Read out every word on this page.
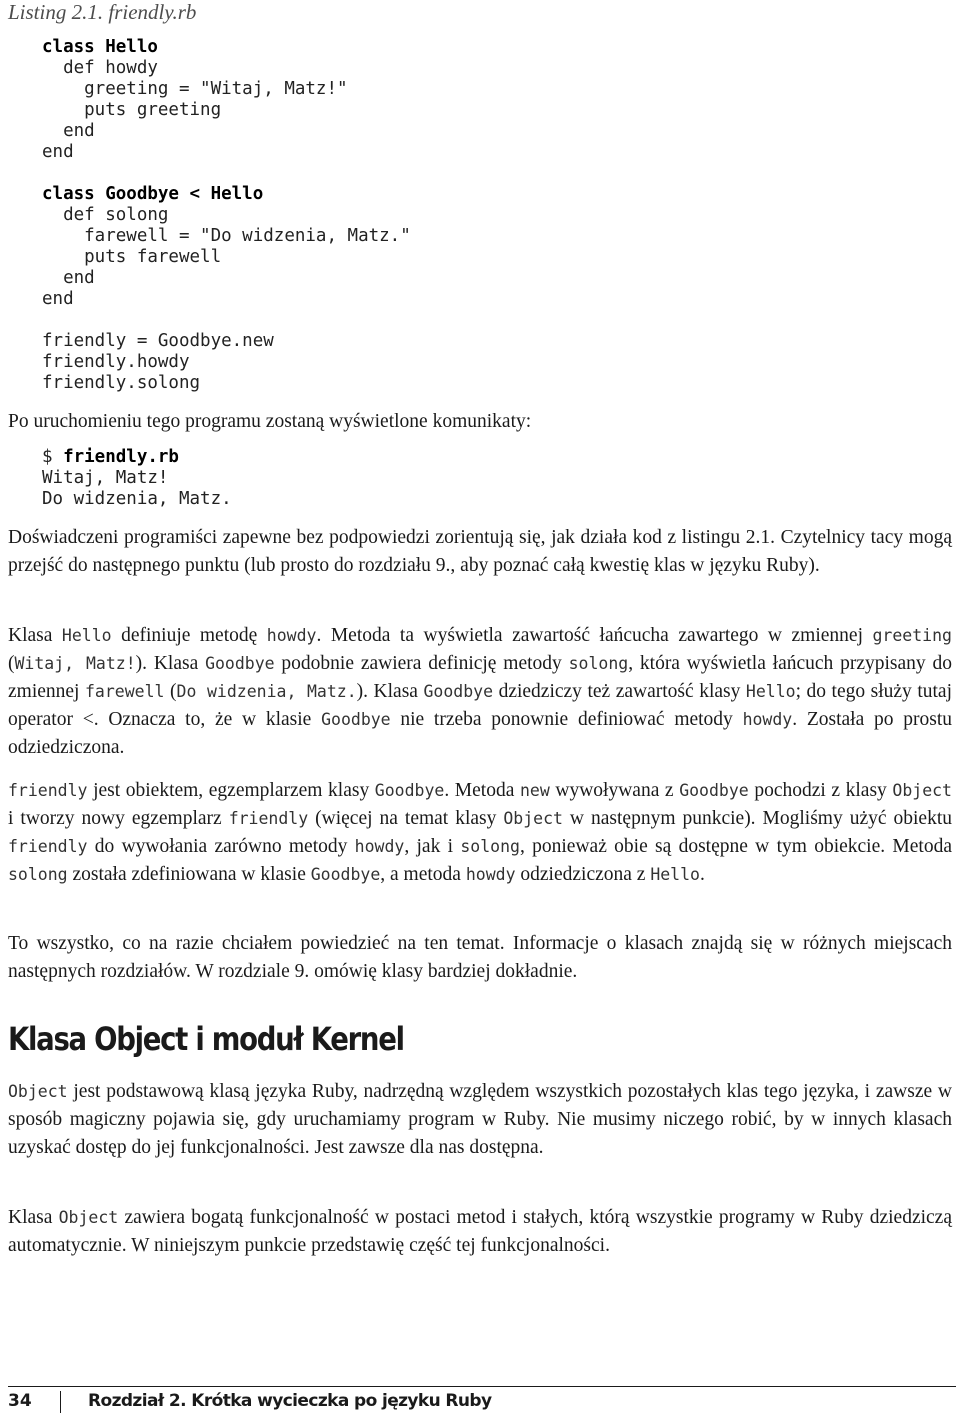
Listing 2.1. friendly.rb
class Hello
def howdy
greeting = "Witaj, Matz!"
puts greeting
end
end
class Goodbye < Hello
def solong
farewell = "Do widzenia, Matz."
puts farewell
end
end
friendly = Goodbye.new
friendly.howdy
friendly.solong

Po uruchomieniu tego programu zostaną wyświetlone komunikaty:

$ friendly.rb
Witaj, Matz!
Do widzenia, Matz.

Doświadczeni programiści zapewne bez podpowiedzi zorientują się, jak działa kod z listingu 2.1. Czytelnicy tacy mogą przejść do następnego punktu (lub prosto do rozdziału 9., aby poznać całą kwestię klas w języku Ruby).

Klasa Hello definiuje metodę howdy. Metoda ta wyświetla zawartość łańcucha zawartego w zmiennej greeting (Witaj, Matz!). Klasa Goodbye podobnie zawiera definicję metody solong, która wyświetla łańcuch przypisany do zmiennej farewell (Do widzenia, Matz.). Klasa Goodbye dziedziczy też zawartość klasy Hello; do tego służy tutaj operator <. Oznacza to, że w klasie Goodbye nie trzeba ponownie definiować metody howdy. Została po prostu odziedziczona.

friendly jest obiektem, egzemplarzem klasy Goodbye. Metoda new wywoływana z Goodbye pochodzi z klasy Object i tworzy nowy egzemplarz friendly (więcej na temat klasy Object w następnym punkcie). Mogliśmy użyć obiektu friendly do wywołania zarówno metody howdy, jak i solong, ponieważ obie są dostępne w tym obiekcie. Metoda solong została zdefiniowana w klasie Goodbye, a metoda howdy odziedziczona z Hello.

To wszystko, co na razie chciałem powiedzieć na ten temat. Informacje o klasach znajdą się w różnych miejscach następnych rozdziałów. W rozdziale 9. omówię klasy bardziej dokładnie.

Klasa Object i moduł Kernel

Object jest podstawową klasą języka Ruby, nadrzędną względem wszystkich pozostałych klas tego języka, i zawsze w sposób magiczny pojawia się, gdy uruchamiamy program w Ruby. Nie musimy niczego robić, by w innych klasach uzyskać dostęp do jej funkcjonalności. Jest zawsze dla nas dostępna.

Klasa Object zawiera bogatą funkcjonalność w postaci metod i stałych, którą wszystkie programy w Ruby dziedziczą automatycznie. W niniejszym punkcie przedstawię część tej funkcjonalności.

34	Rozdział 2. Krótka wycieczka po języku Ruby
